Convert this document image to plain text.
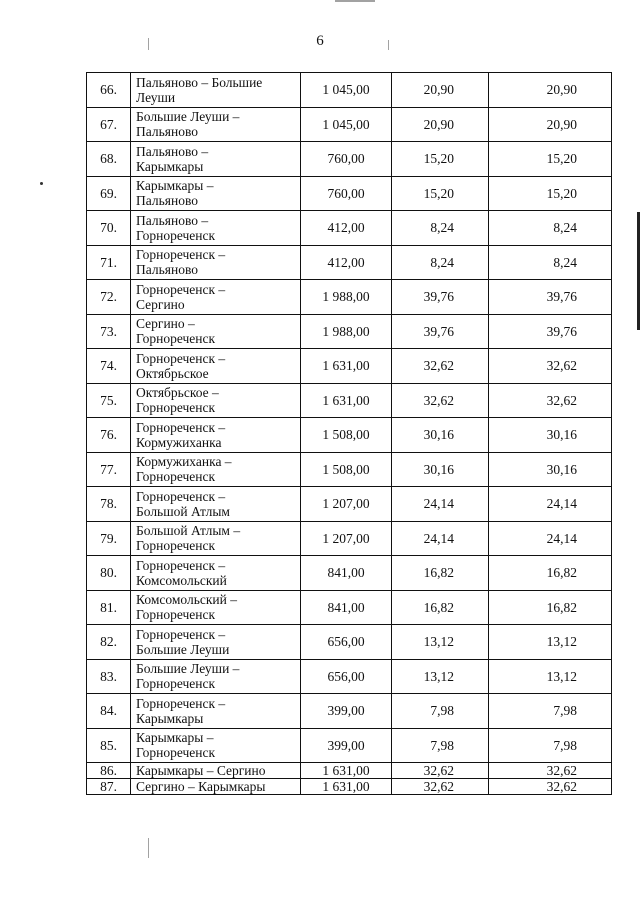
6
66.	Пальяново – Большие
Леуши	1 045,00	20,90	20,90
67.	Большие Леуши –
Пальяново	1 045,00	20,90	20,90
68.	Пальяново –
Карымкары	760,00	15,20	15,20
69.	Карымкары –
Пальяново	760,00	15,20	15,20
70.	Пальяново –
Горнореченск	412,00	8,24	8,24
71.	Горнореченск –
Пальяново	412,00	8,24	8,24
72.	Горнореченск –
Сергино	1 988,00	39,76	39,76
73.	Сергино –
Горнореченск	1 988,00	39,76	39,76
74.	Горнореченск –
Октябрьское	1 631,00	32,62	32,62
75.	Октябрьское –
Горнореченск	1 631,00	32,62	32,62
76.	Горнореченск –
Кормужиханка	1 508,00	30,16	30,16
77.	Кормужиханка –
Горнореченск	1 508,00	30,16	30,16
78.	Горнореченск –
Большой Атлым	1 207,00	24,14	24,14
79.	Большой Атлым –
Горнореченск	1 207,00	24,14	24,14
80.	Горнореченск –
Комсомольский	841,00	16,82	16,82
81.	Комсомольский –
Горнореченск	841,00	16,82	16,82
82.	Горнореченск –
Большие Леуши	656,00	13,12	13,12
83.	Большие Леуши –
Горнореченск	656,00	13,12	13,12
84.	Горнореченск –
Карымкары	399,00	7,98	7,98
85.	Карымкары –
Горнореченск	399,00	7,98	7,98
86.	Карымкары – Сергино	1 631,00	32,62	32,62
87.	Сергино – Карымкары	1 631,00	32,62	32,62
